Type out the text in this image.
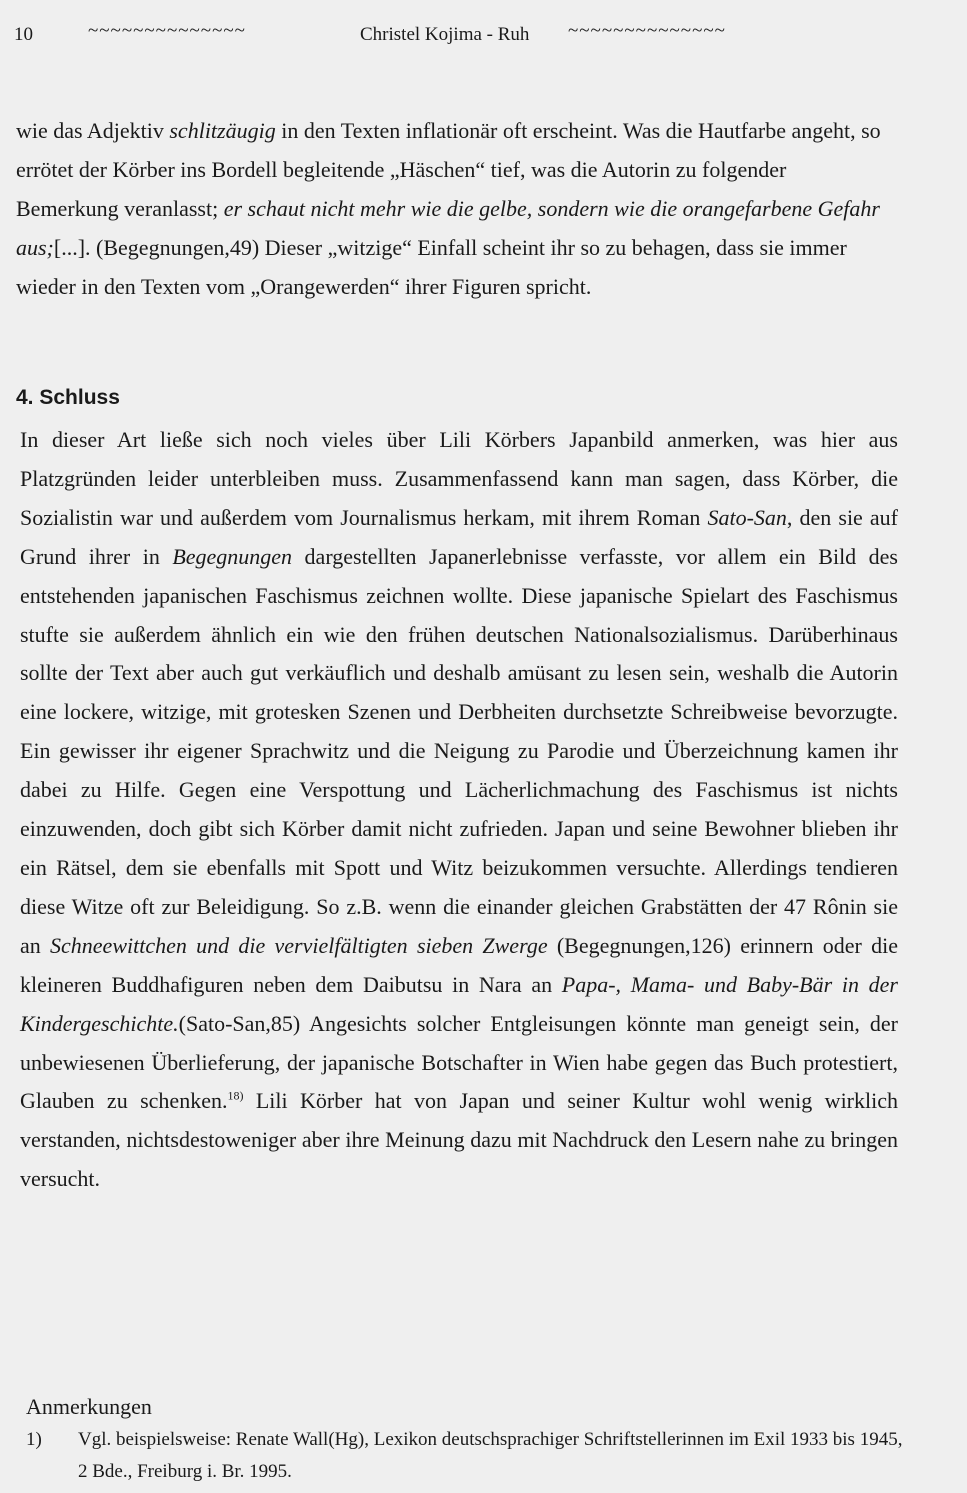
10	~~~~~~~~~~~~~~	Christel Kojima - Ruh ~~~~~~~~~~~~~~

wie das Adjektiv schlitzäugig in den Texten inflationär oft erscheint. Was die Hautfarbe angeht, so errötet der Körber ins Bordell begleitende „Häschen“ tief, was die Autorin zu folgender Bemerkung veranlasst; er schaut nicht mehr wie die gelbe, sondern wie die orangefarbene Gefahr aus;[...]. (Begegnungen,49) Dieser „witzige“ Einfall scheint ihr so zu behagen, dass sie immer wieder in den Texten vom „Orangewerden“ ihrer Figuren spricht.

4. Schluss

In dieser Art ließe sich noch vieles über Lili Körbers Japanbild anmerken, was hier aus Platzgründen leider unterbleiben muss. Zusammenfassend kann man sagen, dass Körber, die Sozialistin war und außerdem vom Journalismus herkam, mit ihrem Roman Sato-San, den sie auf Grund ihrer in Begegnungen dargestellten Japanerlebnisse verfasste, vor allem ein Bild des entstehenden japanischen Faschismus zeichnen wollte. Diese japanische Spielart des Faschismus stufte sie außerdem ähnlich ein wie den frühen deutschen Nationalsozialismus. Darüberhinaus sollte der Text aber auch gut verkäuflich und deshalb amüsant zu lesen sein, weshalb die Autorin eine lockere, witzige, mit grotesken Szenen und Derbheiten durchsetzte Schreibweise bevorzugte. Ein gewisser ihr eigener Sprachwitz und die Neigung zu Parodie und Überzeichnung kamen ihr dabei zu Hilfe. Gegen eine Verspottung und Lächerlichmachung des Faschismus ist nichts einzuwenden, doch gibt sich Körber damit nicht zufrieden. Japan und seine Bewohner blieben ihr ein Rätsel, dem sie ebenfalls mit Spott und Witz beizukommen versuchte. Allerdings tendieren diese Witze oft zur Beleidigung. So z.B. wenn die einander gleichen Grabstätten der 47 Rônin sie an Schneewittchen und die vervielfältigten sieben Zwerge (Begegnungen,126) erinnern oder die kleineren Buddhafiguren neben dem Daibutsu in Nara an Papa-, Mama- und Baby-Bär in der Kindergeschichte.(Sato-San,85) Angesichts solcher Entgleisungen könnte man geneigt sein, der unbewiesenen Überlieferung, der japanische Botschafter in Wien habe gegen das Buch protestiert, Glauben zu schenken.$^{18)}$ Lili Körber hat von Japan und seiner Kultur wohl wenig wirklich verstanden, nichtsdestoweniger aber ihre Meinung dazu mit Nachdruck den Lesern nahe zu bringen versucht.

Anmerkungen

1)	Vgl. beispielsweise: Renate Wall(Hg), Lexikon deutschsprachiger Schriftstellerinnen im Exil 1933 bis 1945, 2 Bde., Freiburg i. Br. 1995.
